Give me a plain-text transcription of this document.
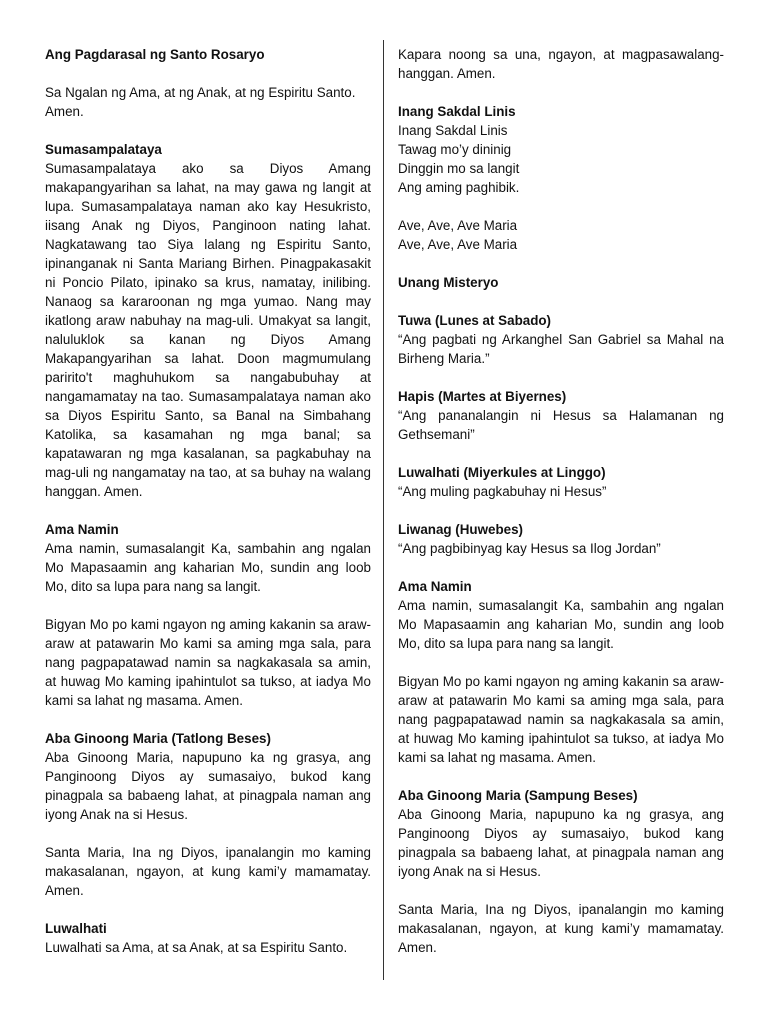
Ang Pagdarasal ng Santo Rosaryo

Sa Ngalan ng Ama, at ng Anak, at ng Espiritu Santo. Amen.

Sumasampalataya

Sumasampalataya ako sa Diyos Amang makapangyarihan sa lahat, na may gawa ng langit at lupa. Sumasampalataya naman ako kay Hesukristo, iisang Anak ng Diyos, Panginoon nating lahat. Nagkatawang tao Siya lalang ng Espiritu Santo, ipinanganak ni Santa Mariang Birhen. Pinagpakasakit ni Poncio Pilato, ipinako sa krus, namatay, inilibing. Nanaog sa kararoonan ng mga yumao. Nang may ikatlong araw nabuhay na mag-uli. Umakyat sa langit, naluluklok sa kanan ng Diyos Amang Makapangyarihan sa lahat. Doon magmumulang paririto't maghuhukom sa nangabubuhay at nangamamatay na tao. Sumasampalataya naman ako sa Diyos Espiritu Santo, sa Banal na Simbahang Katolika, sa kasamahan ng mga banal; sa kapatawaran ng mga kasalanan, sa pagkabuhay na mag-uli ng nangamatay na tao, at sa buhay na walang hanggan. Amen.

Ama Namin

Ama namin, sumasalangit Ka, sambahin ang ngalan Mo Mapasaamin ang kaharian Mo, sundin ang loob Mo, dito sa lupa para nang sa langit.

Bigyan Mo po kami ngayon ng aming kakanin sa araw-araw at patawarin Mo kami sa aming mga sala, para nang pagpapatawad namin sa nagkakasala sa amin, at huwag Mo kaming ipahintulot sa tukso, at iadya Mo kami sa lahat ng masama. Amen.

Aba Ginoong Maria (Tatlong Beses)

Aba Ginoong Maria, napupuno ka ng grasya, ang Panginoong Diyos ay sumasaiyo, bukod kang pinagpala sa babaeng lahat, at pinagpala naman ang iyong Anak na si Hesus.

Santa Maria, Ina ng Diyos, ipanalangin mo kaming makasalanan, ngayon, at kung kami’y mamamatay. Amen.

Luwalhati

Luwalhati sa Ama, at sa Anak, at sa Espiritu Santo.

Kapara noong sa una, ngayon, at magpasawalang-hanggan. Amen.

Inang Sakdal Linis

Inang Sakdal Linis

Tawag mo’y dininig

Dinggin mo sa langit

Ang aming paghibik.

Ave, Ave, Ave Maria

Ave, Ave, Ave Maria

Unang Misteryo

Tuwa (Lunes at Sabado)

“Ang pagbati ng Arkanghel San Gabriel sa Mahal na Birheng Maria.”

Hapis (Martes at Biyernes)

“Ang pananalangin ni Hesus sa Halamanan ng Gethsemani”

Luwalhati (Miyerkules at Linggo)

“Ang muling pagkabuhay ni Hesus”

Liwanag (Huwebes)

“Ang pagbibinyag kay Hesus sa Ilog Jordan”

Ama Namin

Ama namin, sumasalangit Ka, sambahin ang ngalan Mo Mapasaamin ang kaharian Mo, sundin ang loob Mo, dito sa lupa para nang sa langit.

Bigyan Mo po kami ngayon ng aming kakanin sa araw-araw at patawarin Mo kami sa aming mga sala, para nang pagpapatawad namin sa nagkakasala sa amin, at huwag Mo kaming ipahintulot sa tukso, at iadya Mo kami sa lahat ng masama. Amen.

Aba Ginoong Maria (Sampung Beses)

Aba Ginoong Maria, napupuno ka ng grasya, ang Panginoong Diyos ay sumasaiyo, bukod kang pinagpala sa babaeng lahat, at pinagpala naman ang iyong Anak na si Hesus.

Santa Maria, Ina ng Diyos, ipanalangin mo kaming makasalanan, ngayon, at kung kami’y mamamatay. Amen.
